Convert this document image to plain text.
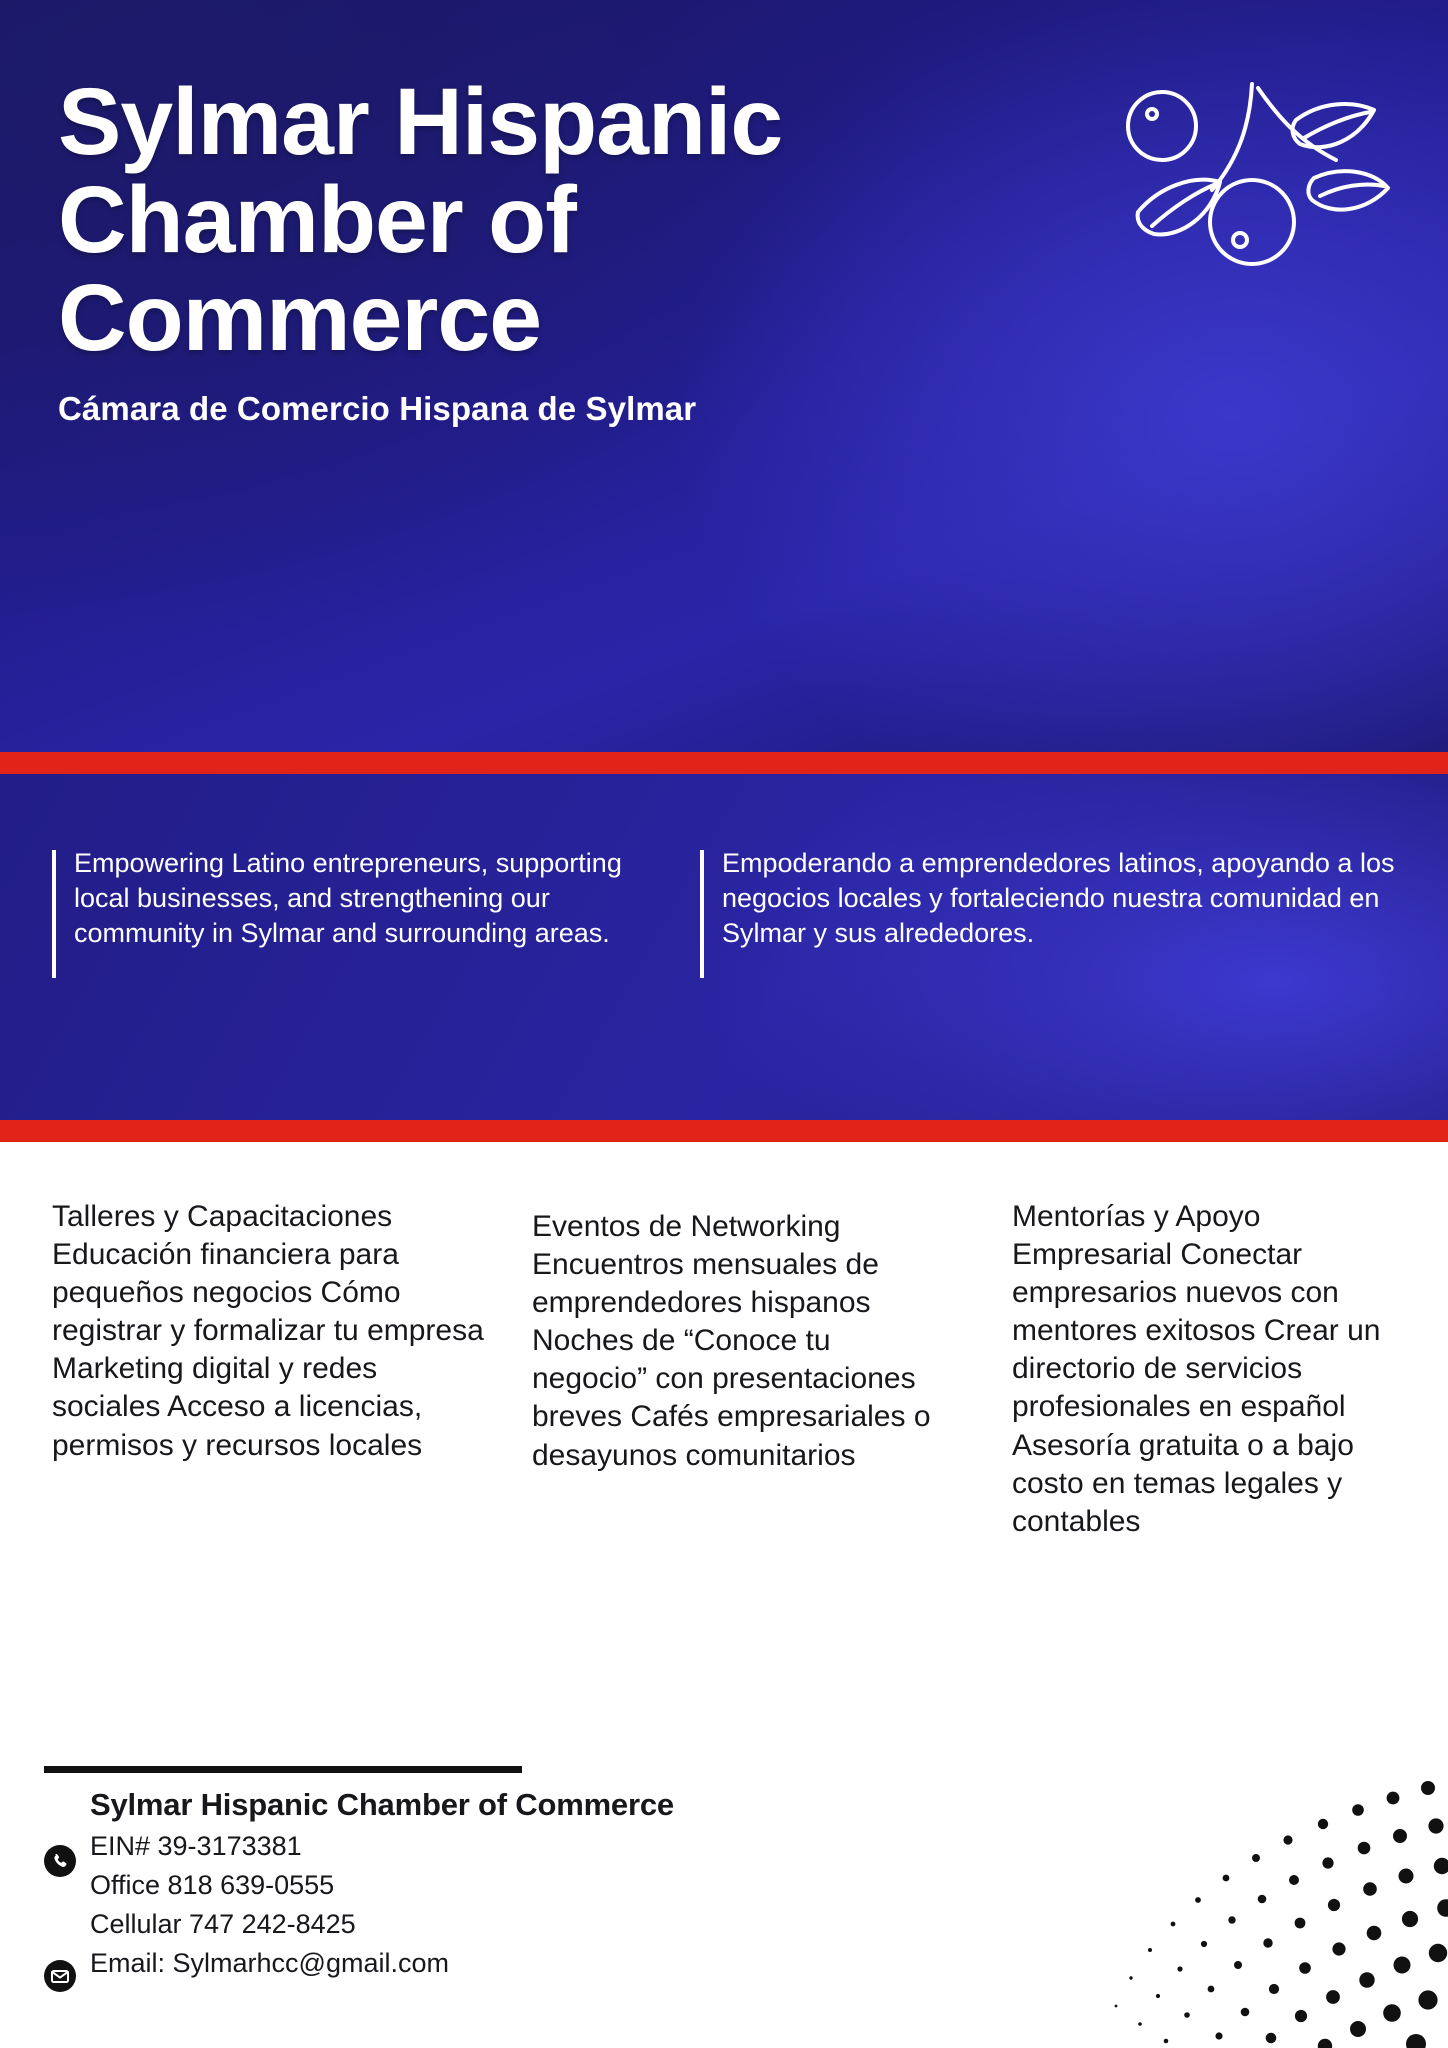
Sylmar Hispanic Chamber of Commerce

Cámara de Comercio Hispana de Sylmar

Empowering Latino entrepreneurs, supporting local businesses, and strengthening our community in Sylmar and surrounding areas.
Empoderando a emprendedores latinos, apoyando a los negocios locales y fortaleciendo nuestra comunidad en Sylmar y sus alrededores.
Talleres y Capacitaciones Educación financiera para pequeños negocios Cómo registrar y formalizar tu empresa Marketing digital y redes sociales Acceso a licencias, permisos y recursos locales
Eventos de Networking Encuentros mensuales de emprendedores hispanos Noches de “Conoce tu negocio” con presentaciones breves Cafés empresariales o desayunos comunitarios
Mentorías y Apoyo Empresarial Conectar empresarios nuevos con mentores exitosos Crear un directorio de servicios profesionales en español Asesoría gratuita o a bajo costo en temas legales y contables
Sylmar Hispanic Chamber of Commerce
EIN# 39-3173381
Office 818 639-0555
Cellular 747 242-8425
Email: Sylmarhcc@gmail.com
